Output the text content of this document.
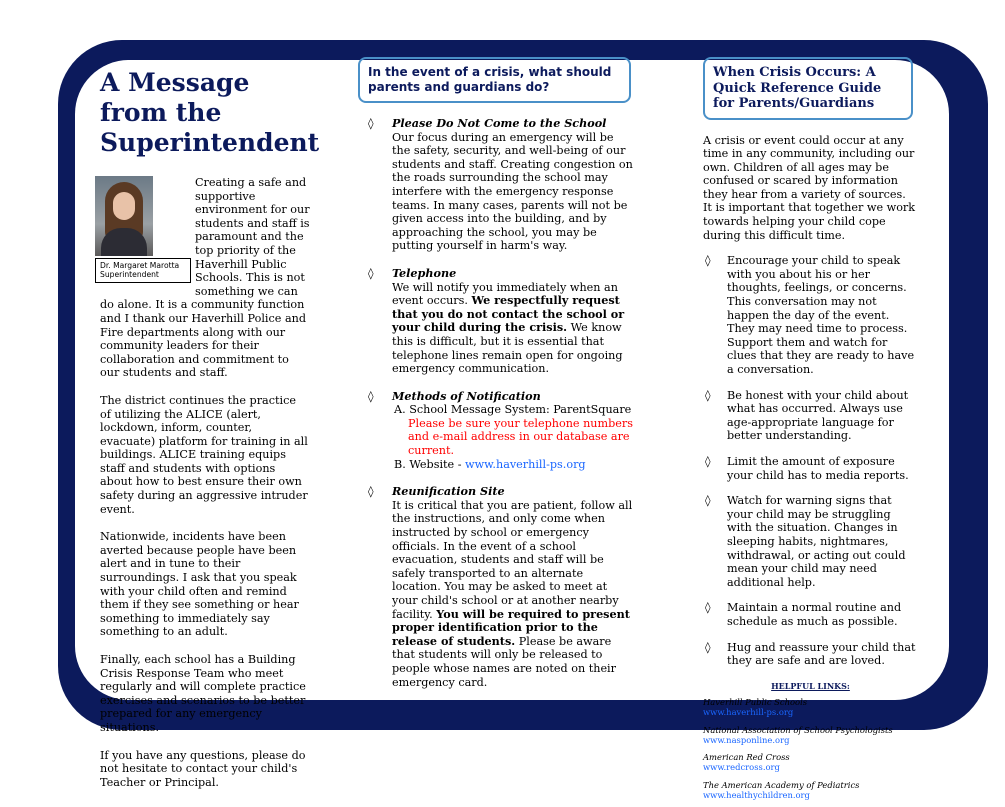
A Message from the Superintendent
Dr. Margaret Marotta
Superintendent

Creating a safe and supportive environment for our students and staff is paramount and the top priority of the Haverhill Public Schools. This is not something we can do alone. It is a community function and I thank our Haverhill Police and Fire departments along with our community leaders for their collaboration and commitment to our students and staff.

The district continues the practice of utilizing the ALICE (alert, lockdown, inform, counter, evacuate) platform for training in all buildings. ALICE training equips staff and students with options about how to best ensure their own safety during an aggressive intruder event.

Nationwide, incidents have been averted because people have been alert and in tune to their surroundings. I ask that you speak with your child often and remind them if they see something or hear something to immediately say something to an adult.

Finally, each school has a Building Crisis Response Team who meet regularly and will complete practice exercises and scenarios to be better prepared for any emergency situations.

If you have any questions, please do not hesitate to contact your child's Teacher or Principal.

In the event of a crisis, what should parents and guardians do?
◊ Please Do Not Come to the School
Our focus during an emergency will be the safety, security, and well-being of our students and staff. Creating congestion on the roads surrounding the school may interfere with the emergency response teams. In many cases, parents will not be given access into the building, and by approaching the school, you may be putting yourself in harm's way.
◊ Telephone
We will notify you immediately when an event occurs. We respectfully request that you do not contact the school or your child during the crisis. We know this is difficult, but it is essential that telephone lines remain open for ongoing emergency communication.
◊ Methods of Notification
A. School Message System: ParentSquare
Please be sure your telephone numbers and e-mail address in our database are current.
B. Website - www.haverhill-ps.org
◊ Reunification Site
It is critical that you are patient, follow all the instructions, and only come when instructed by school or emergency officials. In the event of a school evacuation, students and staff will be safely transported to an alternate location. You may be asked to meet at your child's school or at another nearby facility. You will be required to present proper identification prior to the release of students. Please be aware that students will only be released to people whose names are noted on their emergency card.
When Crisis Occurs: A Quick Reference Guide for Parents/Guardians
A crisis or event could occur at any time in any community, including our own. Children of all ages may be confused or scared by information they hear from a variety of sources. It is important that together we work towards helping your child cope during this difficult time.
◊ Encourage your child to speak with you about his or her thoughts, feelings, or concerns. This conversation may not happen the day of the event. They may need time to process. Support them and watch for clues that they are ready to have a conversation.
◊ Be honest with your child about what has occurred. Always use age-appropriate language for better understanding.
◊ Limit the amount of exposure your child has to media reports.
◊ Watch for warning signs that your child may be struggling with the situation. Changes in sleeping habits, nightmares, withdrawal, or acting out could mean your child may need additional help.
◊ Maintain a normal routine and schedule as much as possible.
◊ Hug and reassure your child that they are safe and are loved.
HELPFUL LINKS:
Haverhill Public Schools
www.haverhill-ps.org
National Association of School Psychologists
www.nasponline.org
American Red Cross
www.redcross.org
The American Academy of Pediatrics
www.healthychildren.org
